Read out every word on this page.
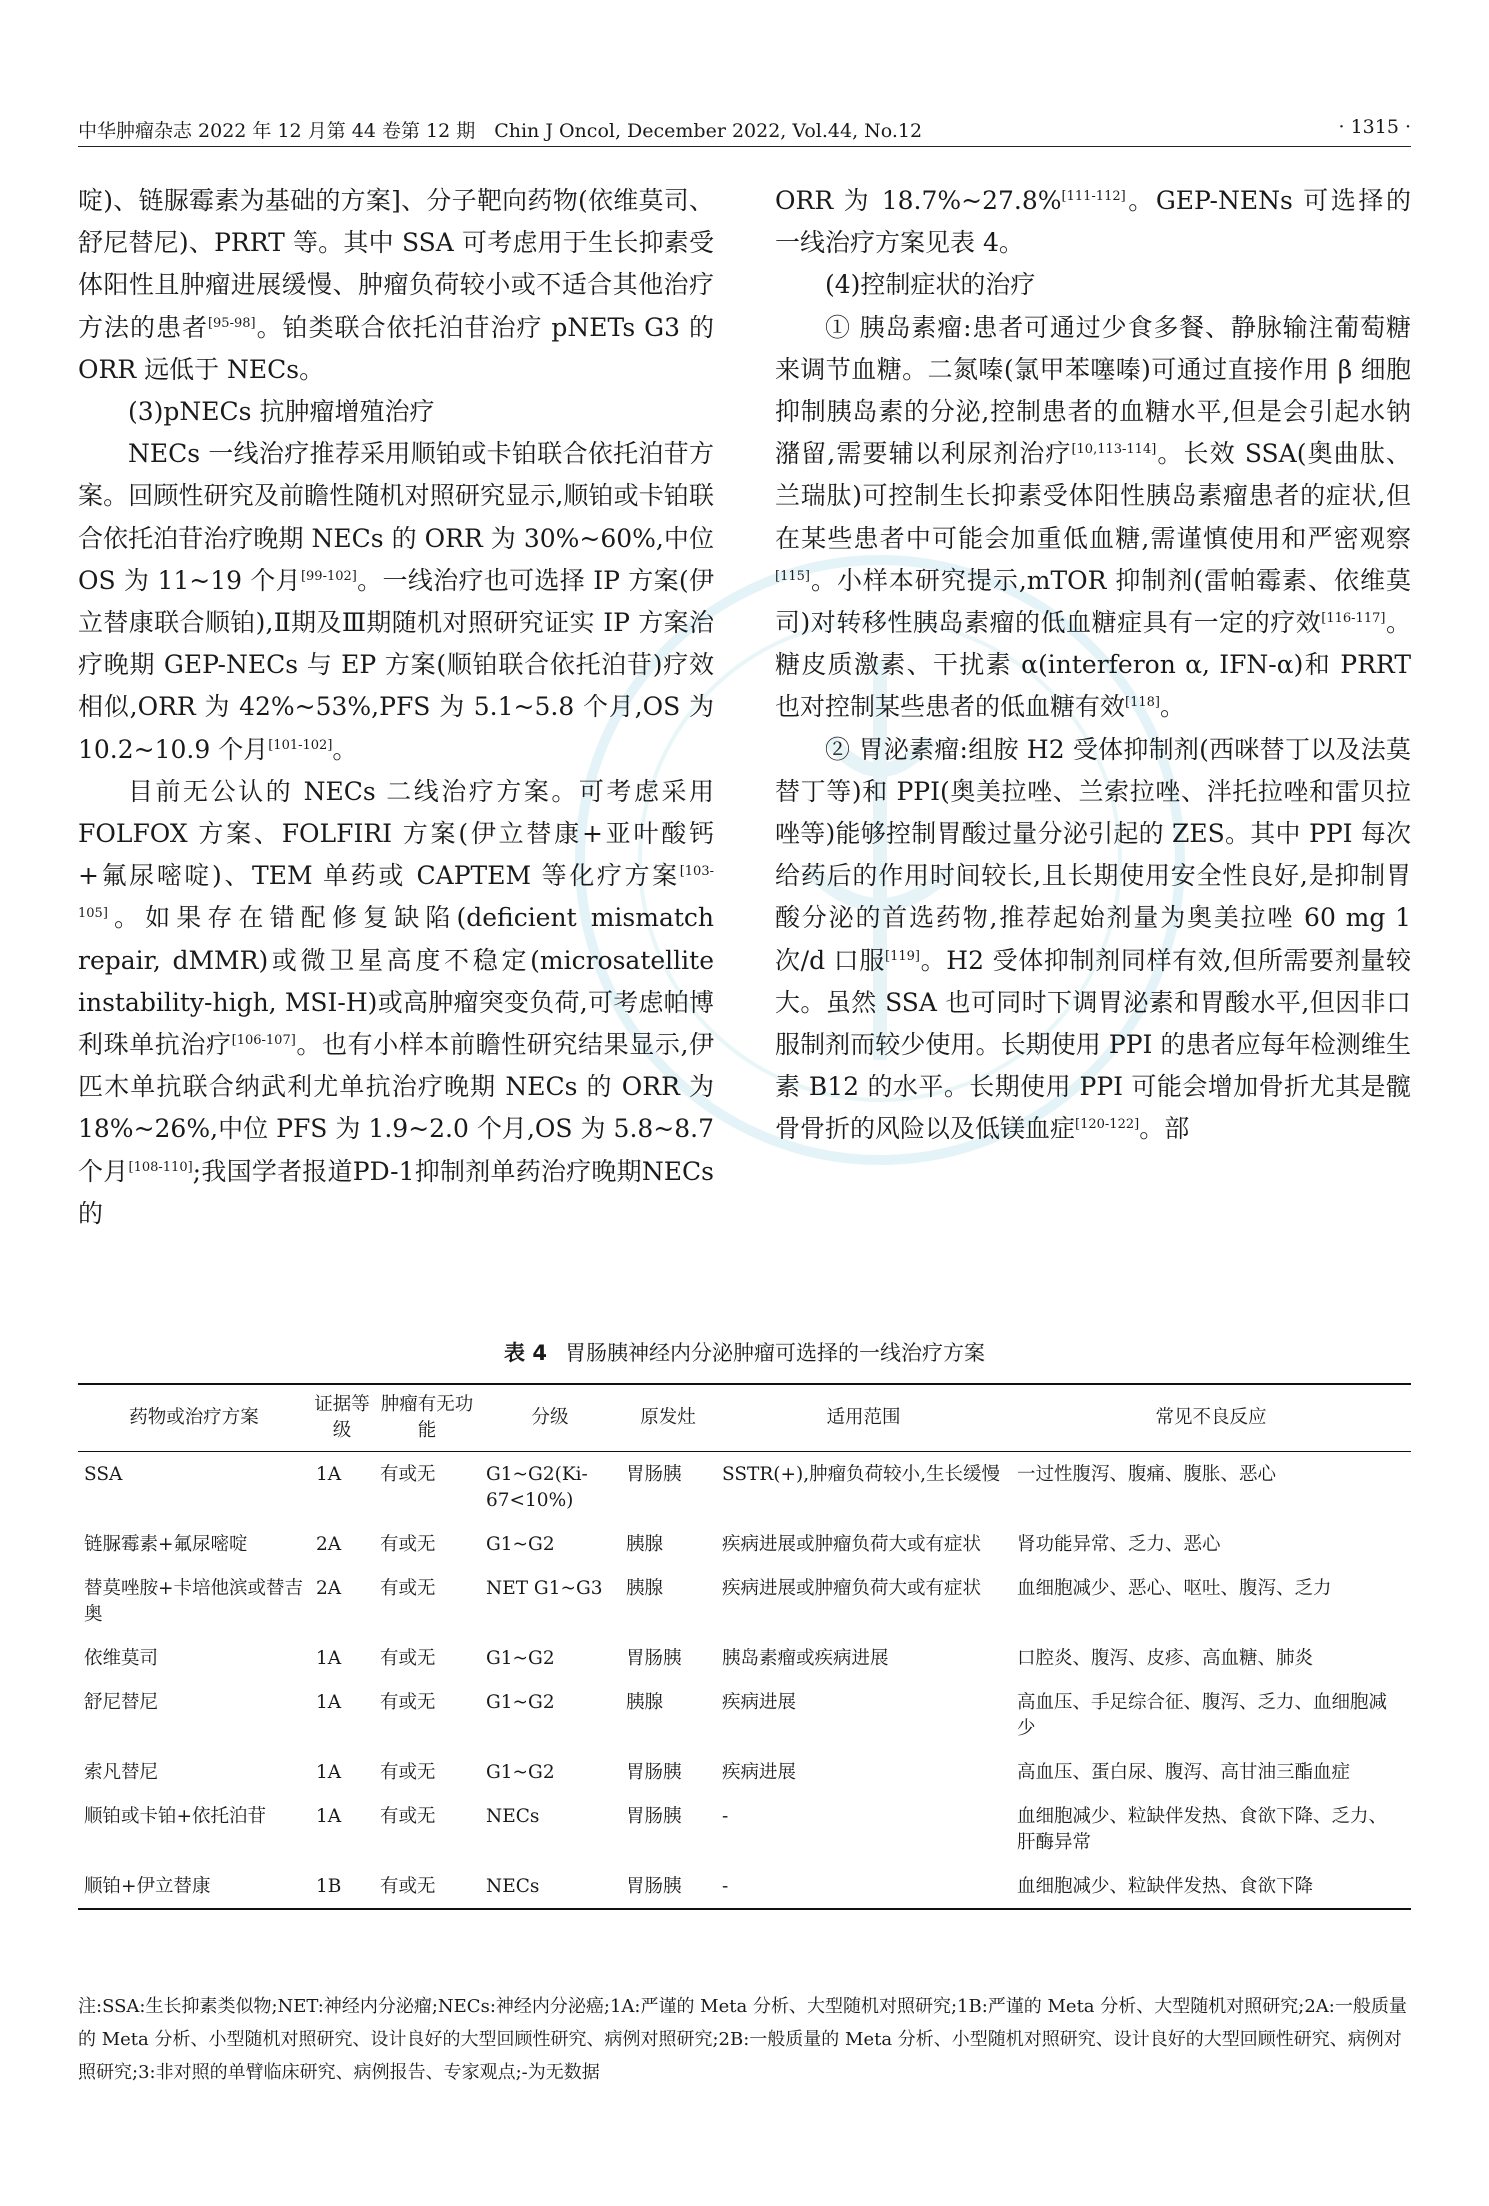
中华肿瘤杂志 2022 年 12 月第 44 卷第 12 期　Chin J Oncol, December 2022, Vol.44, No.12	· 1315 ·

啶)、链脲霉素为基础的方案]、分子靶向药物(依维莫司、舒尼替尼)、PRRT 等。其中 SSA 可考虑用于生长抑素受体阳性且肿瘤进展缓慢、肿瘤负荷较小或不适合其他治疗方法的患者[95-98]。铂类联合依托泊苷治疗 pNETs G3 的 ORR 远低于 NECs。

(3)pNECs 抗肿瘤增殖治疗

NECs 一线治疗推荐采用顺铂或卡铂联合依托泊苷方案。回顾性研究及前瞻性随机对照研究显示,顺铂或卡铂联合依托泊苷治疗晚期 NECs 的 ORR 为 30%~60%,中位 OS 为 11~19 个月[99-102]。一线治疗也可选择 IP 方案(伊立替康联合顺铂),Ⅱ期及Ⅲ期随机对照研究证实 IP 方案治疗晚期 GEP-NECs 与 EP 方案(顺铂联合依托泊苷)疗效相似,ORR 为 42%~53%,PFS 为 5.1~5.8 个月,OS 为 10.2~10.9 个月[101-102]。

目前无公认的 NECs 二线治疗方案。可考虑采用 FOLFOX 方案、FOLFIRI 方案(伊立替康+亚叶酸钙+氟尿嘧啶)、TEM 单药或 CAPTEM 等化疗方案[103-105]。如果存在错配修复缺陷(deficient mismatch repair, dMMR)或微卫星高度不稳定(microsatellite instability-high, MSI-H)或高肿瘤突变负荷,可考虑帕博利珠单抗治疗[106-107]。也有小样本前瞻性研究结果显示,伊匹木单抗联合纳武利尤单抗治疗晚期 NECs 的 ORR 为 18%~26%,中位 PFS 为 1.9~2.0 个月,OS 为 5.8~8.7 个月[108-110];我国学者报道PD-1抑制剂单药治疗晚期NECs的

ORR 为 18.7%~27.8%[111-112]。GEP-NENs 可选择的一线治疗方案见表 4。

(4)控制症状的治疗

① 胰岛素瘤:患者可通过少食多餐、静脉输注葡萄糖来调节血糖。二氮嗪(氯甲苯噻嗪)可通过直接作用 β 细胞抑制胰岛素的分泌,控制患者的血糖水平,但是会引起水钠潴留,需要辅以利尿剂治疗[10,113-114]。长效 SSA(奥曲肽、兰瑞肽)可控制生长抑素受体阳性胰岛素瘤患者的症状,但在某些患者中可能会加重低血糖,需谨慎使用和严密观察[115]。小样本研究提示,mTOR 抑制剂(雷帕霉素、依维莫司)对转移性胰岛素瘤的低血糖症具有一定的疗效[116-117]。糖皮质激素、干扰素 α(interferon α, IFN-α)和 PRRT 也对控制某些患者的低血糖有效[118]。

② 胃泌素瘤:组胺 H2 受体抑制剂(西咪替丁以及法莫替丁等)和 PPI(奥美拉唑、兰索拉唑、泮托拉唑和雷贝拉唑等)能够控制胃酸过量分泌引起的 ZES。其中 PPI 每次给药后的作用时间较长,且长期使用安全性良好,是抑制胃酸分泌的首选药物,推荐起始剂量为奥美拉唑 60 mg 1 次/d 口服[119]。H2 受体抑制剂同样有效,但所需要剂量较大。虽然 SSA 也可同时下调胃泌素和胃酸水平,但因非口服制剂而较少使用。长期使用 PPI 的患者应每年检测维生素 B12 的水平。长期使用 PPI 可能会增加骨折尤其是髋骨骨折的风险以及低镁血症[120-122]。部

表 4 胃肠胰神经内分泌肿瘤可选择的一线治疗方案
药物或治疗方案	证据等级	肿瘤有无功能	分级	原发灶	适用范围	常见不良反应
SSA	1A	有或无	G1~G2(Ki-67<10%)	胃肠胰	SSTR(+),肿瘤负荷较小,生长缓慢	一过性腹泻、腹痛、腹胀、恶心
链脲霉素+氟尿嘧啶	2A	有或无	G1~G2	胰腺	疾病进展或肿瘤负荷大或有症状	肾功能异常、乏力、恶心
替莫唑胺+卡培他滨或替吉奥	2A	有或无	NET G1~G3	胰腺	疾病进展或肿瘤负荷大或有症状	血细胞减少、恶心、呕吐、腹泻、乏力
依维莫司	1A	有或无	G1~G2	胃肠胰	胰岛素瘤或疾病进展	口腔炎、腹泻、皮疹、高血糖、肺炎
舒尼替尼	1A	有或无	G1~G2	胰腺	疾病进展	高血压、手足综合征、腹泻、乏力、血细胞减少
索凡替尼	1A	有或无	G1~G2	胃肠胰	疾病进展	高血压、蛋白尿、腹泻、高甘油三酯血症
顺铂或卡铂+依托泊苷	1A	有或无	NECs	胃肠胰	-	血细胞减少、粒缺伴发热、食欲下降、乏力、肝酶异常
顺铂+伊立替康	1B	有或无	NECs	胃肠胰	-	血细胞减少、粒缺伴发热、食欲下降

注:SSA:生长抑素类似物;NET:神经内分泌瘤;NECs:神经内分泌癌;1A:严谨的 Meta 分析、大型随机对照研究;1B:严谨的 Meta 分析、大型随机对照研究;2A:一般质量的 Meta 分析、小型随机对照研究、设计良好的大型回顾性研究、病例对照研究;2B:一般质量的 Meta 分析、小型随机对照研究、设计良好的大型回顾性研究、病例对照研究;3:非对照的单臂临床研究、病例报告、专家观点;-为无数据
